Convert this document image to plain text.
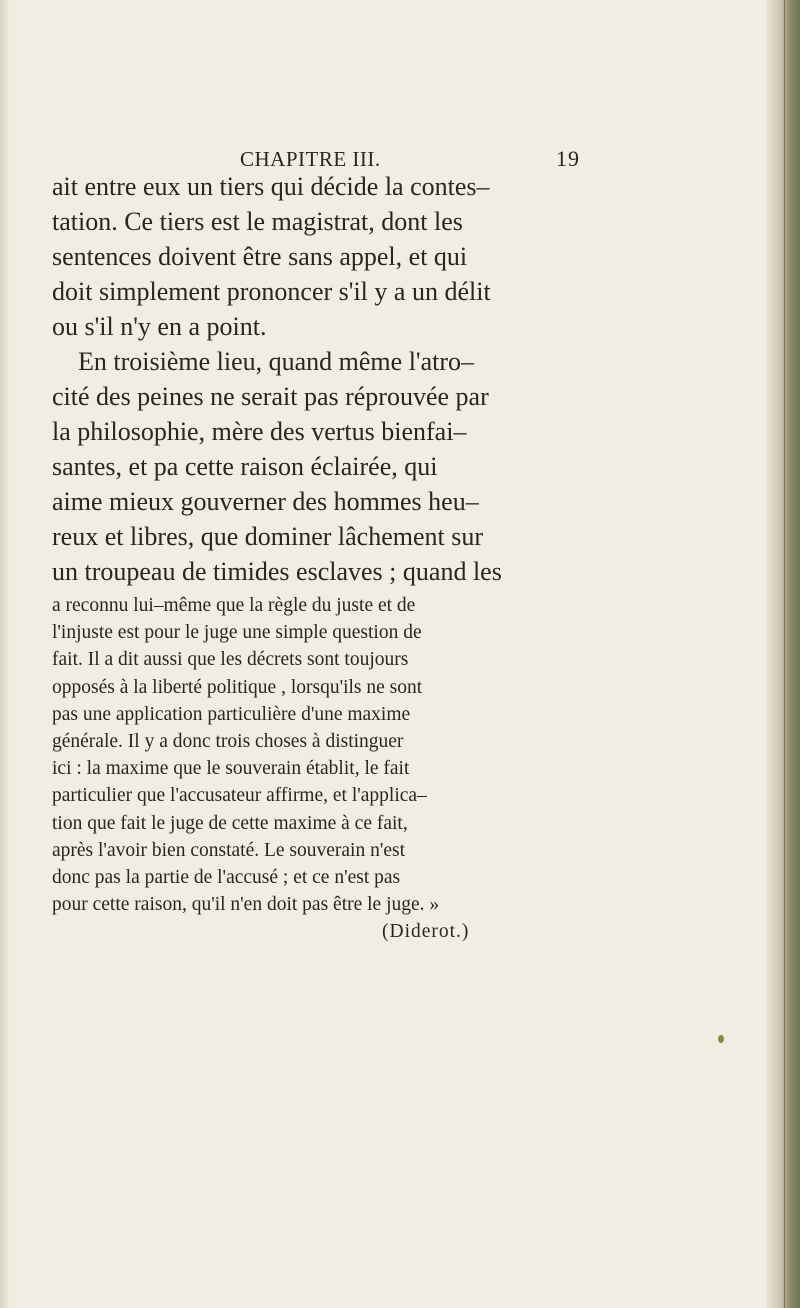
CHAPITRE III.	19
ait entre eux un tiers qui décide la contes–
tation. Ce tiers est le magistrat, dont les
sentences doivent être sans appel, et qui
doit simplement prononcer s'il y a un délit
ou s'il n'y en a point.
En troisième lieu, quand même l'atro–
cité des peines ne serait pas réprouvée par
la philosophie, mère des vertus bienfai–
santes, et pa cette raison éclairée, qui
aime mieux gouverner des hommes heu–
reux et libres, que dominer lâchement sur
un troupeau de timides esclaves ; quand les
a reconnu lui–même que la règle du juste et de
l'injuste est pour le juge une simple question de
fait. Il a dit aussi que les décrets sont toujours
opposés à la liberté politique , lorsqu'ils ne sont
pas une application particulière d'une maxime
générale. Il y a donc trois choses à distinguer
ici : la maxime que le souverain établit, le fait
particulier que l'accusateur affirme, et l'applica–
tion que fait le juge de cette maxime à ce fait,
après l'avoir bien constaté. Le souverain n'est
donc pas la partie de l'accusé ; et ce n'est pas
pour cette raison, qu'il n'en doit pas être le juge. »
(Diderot.)
